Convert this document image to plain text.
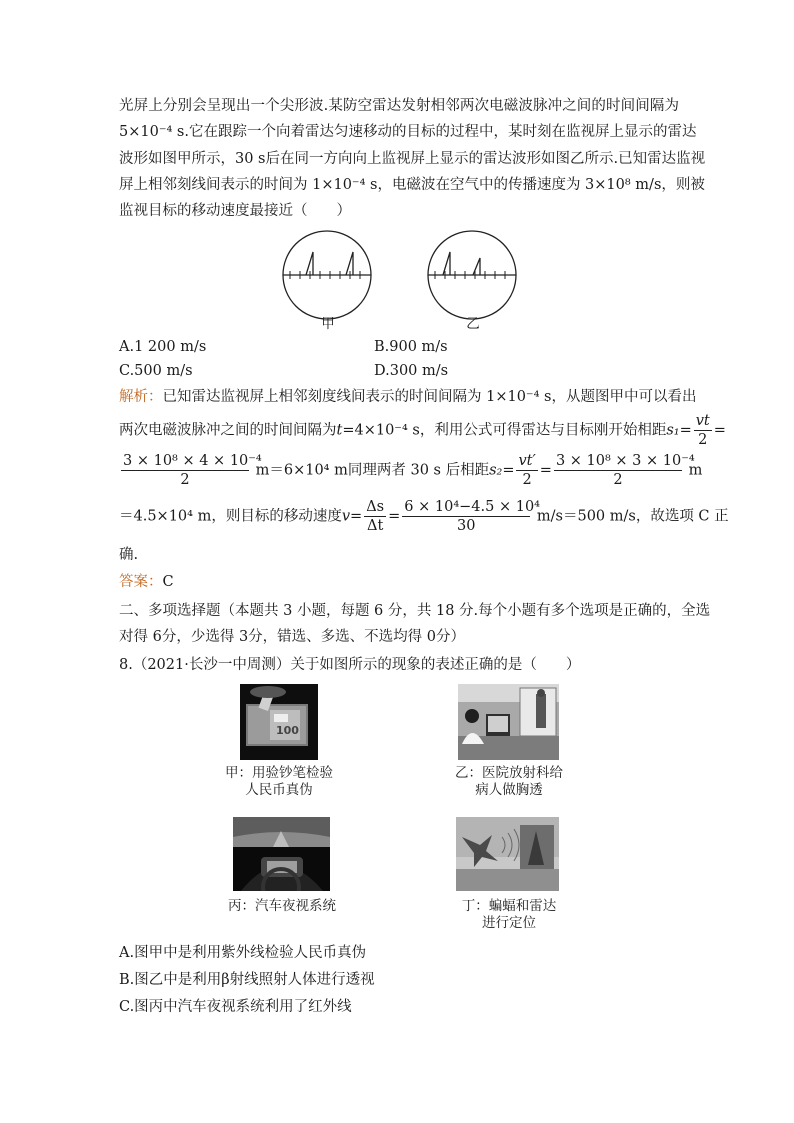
光屏上分别会呈现出一个尖形波.某防空雷达发射相邻两次电磁波脉冲之间的时间间隔为
5×10⁻⁴ s.它在跟踪一个向着雷达匀速移动的目标的过程中，某时刻在监视屏上显示的雷达
波形如图甲所示，30 s后在同一方向向上监视屏上显示的雷达波形如图乙所示.已知雷达监视
屏上相邻刻线间表示的时间为 1×10⁻⁴ s，电磁波在空气中的传播速度为 3×10⁸ m/s，则被
监视目标的移动速度最接近（　　）
甲	乙
A.1 200 m/s	B.900 m/s
C.500 m/s	D.300 m/s
解析：已知雷达监视屏上相邻刻度线间表示的时间间隔为 1×10⁻⁴ s，从题图甲中可以看出
两次电磁波脉冲之间的时间间隔为t=4×10⁻⁴ s，利用公式可得雷达与目标刚开始相距$s_1= \frac{vt}{2}$ =
$\frac{\text{3 × 10⁸ × 4 × 10⁻⁴}}{2} m=6\times 10^4$ m同理两者 30 s 后相距$s_2= \frac{vt'}{2} = \frac{\text{3 × 10⁸ × 3 × 10⁻⁴}}{2}$ m
＝4.5×10⁴ m，则目标的移动速度$v= \frac{\Delta s}{\Delta t} = \frac{\text{6 × 10⁴−4.5 × 10⁴}}{30} m/s=500$ m/s，故选项 C 正
确.
答案：C
二、多项选择题（本题共 3 小题，每题 6 分，共 18 分.每个小题有多个选项是正确的，全选
对得 6分，少选得 3分，错选、多选、不选均得 0分）
8.（2021·长沙一中周测）关于如图所示的现象的表述正确的是（　　）
100
甲：用验钞笔检验
人民币真伪
乙：医院放射科给
病人做胸透
丙：汽车夜视系统	丁：蝙蝠和雷达
进行定位
A.图甲中是利用紫外线检验人民币真伪
B.图乙中是利用β射线照射人体进行透视
C.图丙中汽车夜视系统利用了红外线
